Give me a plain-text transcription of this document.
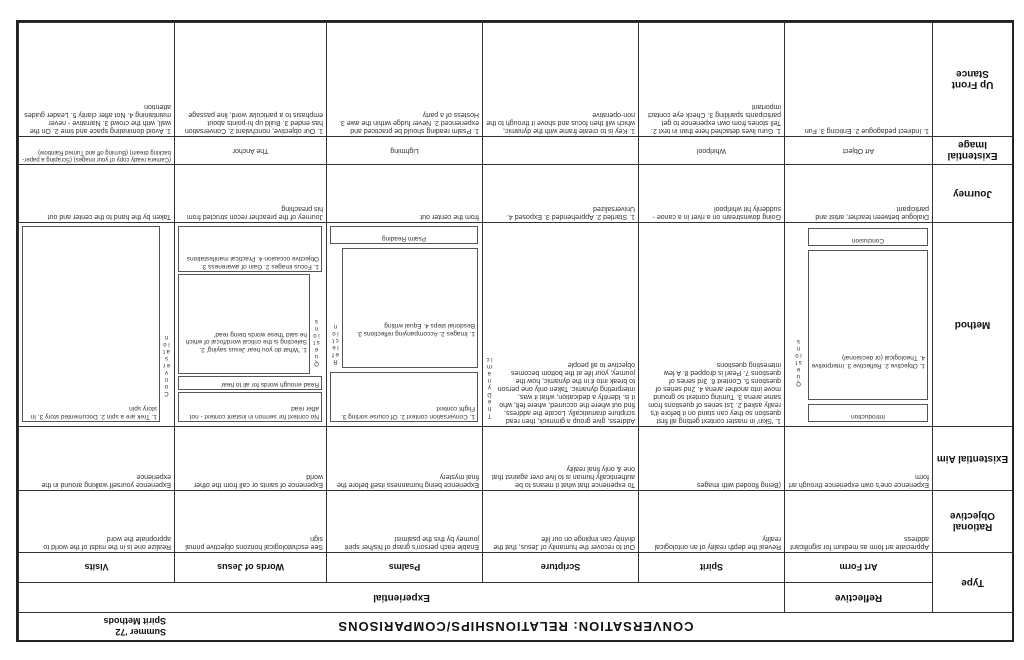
CONVERSATION: RELATIONSHIPS/COMPARISONS
Summer '72
Spirit Methods
Type
Reflective
Experiential
Art Form
Spirit
Scripture
Psalms
Words of Jesus
Visits
Rational Objective
Existential Aim
Method
Journey
Existential Image
Up Front Stance
Appreciate art form as medium for significant address
Reveal the depth reality of an ontological reality
Out to recover the humanity of Jesus, that the divinity can impinge on our life
Enable each person's grasp of his/her spirit journey by this the psalmist
See eschatological horizons objective primal sign
Realize one is in the midst of the world to appropriate the word
Experience one's own experience through art form
(Being flooded with images
To experience that what it means to be authentically human is to live over against that one & only final reality
Experience being humanness itself before the final mystery
Experience of saints or call from the other world
Experience yourself walking around in the experience
Introduction
1. Objective 2. Reflective 3. Interpretive 4. Theological (or decisional)
Q u e s t i o n s
Conclusion
1. 'Skin' in master context getting all first question so they can stand on it before it's really asked 2. 1st series of questions from same arena 3. Turning context so ground move into another arena 4. 2nd series of questions 5. Context 6. 3rd series of questions 7. Pearl is dropped 8. A few interesting questions
Address, give group a gimmick, then read scripture dramatically. Locate the address, find out where the occurred, where felt, who it is. Identify a dedication, what it was, interpreting dynamic. Taken only one person to break into it in the dynamic, how the journey, your life at the bottom becomes objective to all people
T h e D y n a m i c
1. Conversation context 2. Of course sorting 3. Flight context
1. Images 2. Accompanying reflections 3. Besdorial steps 4. Equal writing
R e f l e c t i o n
Psalm Reading
No context for sermon in instant context - not after read
Read enough words for all to hear
1. 'What do you hear Jesus saying' 2. Selecting is the critical word/focal of which he said 'these words being read'
Q u e s t i o n s
1. Focus images 2. Gain of awareness 3. Objective occasion 4. Practical manifestations
1. Trek are a spin 2. Documented story 3. In story spin
C o n v e r s a t i o n
Dialogue between teacher, artist and participant
Going downstream on a river in a canoe - suddenly hit whirlpool
1. Startled 2. Apprehended 3. Exposed 4. Universalized
from the center out
Journey of the preacher recon structed from his preaching
Taken by the hand to the center and out
Art Object
Whirlpool
Lightning
The Anchor
(Camera ready copy of your images) (Scraping a paper-backing dream) (Burning off and Turned Rainbow)
1. Indirect pedagogue 2. Enticing 3. Fun
1. Guru lives detached here than in text 2. Tell stories from own experience to get participants sparkling 3. Check eye contact important
1. Key is to create frame with the dynamic, which will then focus and shove it through to the non-operative
1. Psalm reading should be practiced and experienced 2. Never fudge within the awe 3. Hostess of a party
1. Our objective, nonchalant 2. Conversation has ended 3. Build up hi-points about emphasis to a particular word, line passage
1. Avoid dominating space and time 2. On the wall, with the crowd 3. Narrative - never maintaining 4. Not after clarity 5. Leader guides attention
